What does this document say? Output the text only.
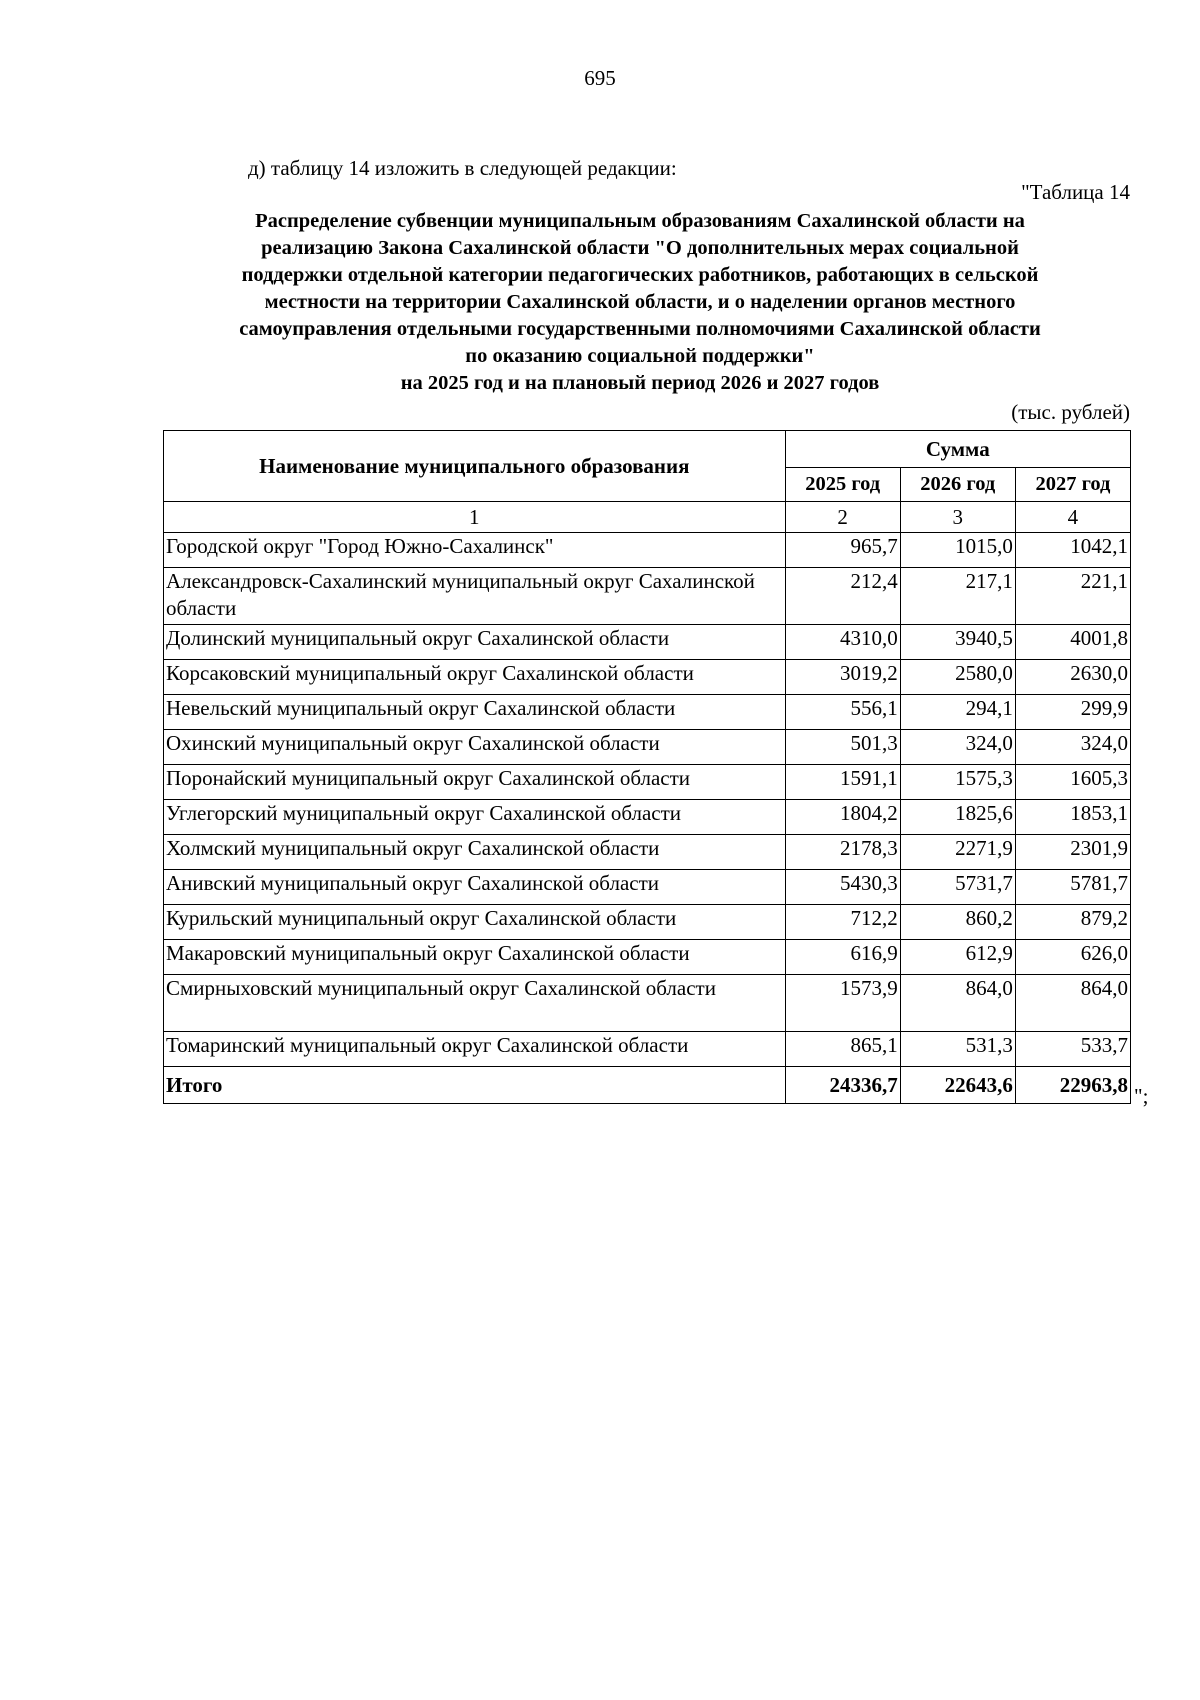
695
д) таблицу 14 изложить в следующей редакции:
"Таблица 14
Распределение субвенции муниципальным образованиям Сахалинской области на
реализацию Закона Сахалинской области "О дополнительных мерах социальной
поддержки отдельной категории педагогических работников, работающих в сельской
местности на территории Сахалинской области, и о наделении органов местного
самоуправления отдельными государственными полномочиями Сахалинской области
по оказанию социальной поддержки"
на 2025 год и на плановый период 2026 и 2027 годов
(тыс. рублей)
Наименование муниципального образования	Сумма		
	2025 год	2026 год	2027 год
1	2	3	4
Городской округ "Город Южно-Сахалинск"	965,7	1015,0	1042,1
Александровск-Сахалинский муниципальный округ Сахалинской области	212,4	217,1	221,1
Долинский муниципальный округ Сахалинской области	4310,0	3940,5	4001,8
Корсаковский муниципальный округ Сахалинской области	3019,2	2580,0	2630,0
Невельский муниципальный округ Сахалинской области	556,1	294,1	299,9
Охинский муниципальный округ Сахалинской области	501,3	324,0	324,0
Поронайский муниципальный округ Сахалинской области	1591,1	1575,3	1605,3
Углегорский муниципальный округ Сахалинской области	1804,2	1825,6	1853,1
Холмский муниципальный округ Сахалинской области	2178,3	2271,9	2301,9
Анивский муниципальный округ Сахалинской области	5430,3	5731,7	5781,7
Курильский муниципальный округ Сахалинской области	712,2	860,2	879,2
Макаровский муниципальный округ Сахалинской области	616,9	612,9	626,0
Смирныховский муниципальный округ Сахалинской области	1573,9	864,0	864,0
Томаринский муниципальный округ Сахалинской области	865,1	531,3	533,7
Итого	24336,7	22643,6	22963,8 ";
